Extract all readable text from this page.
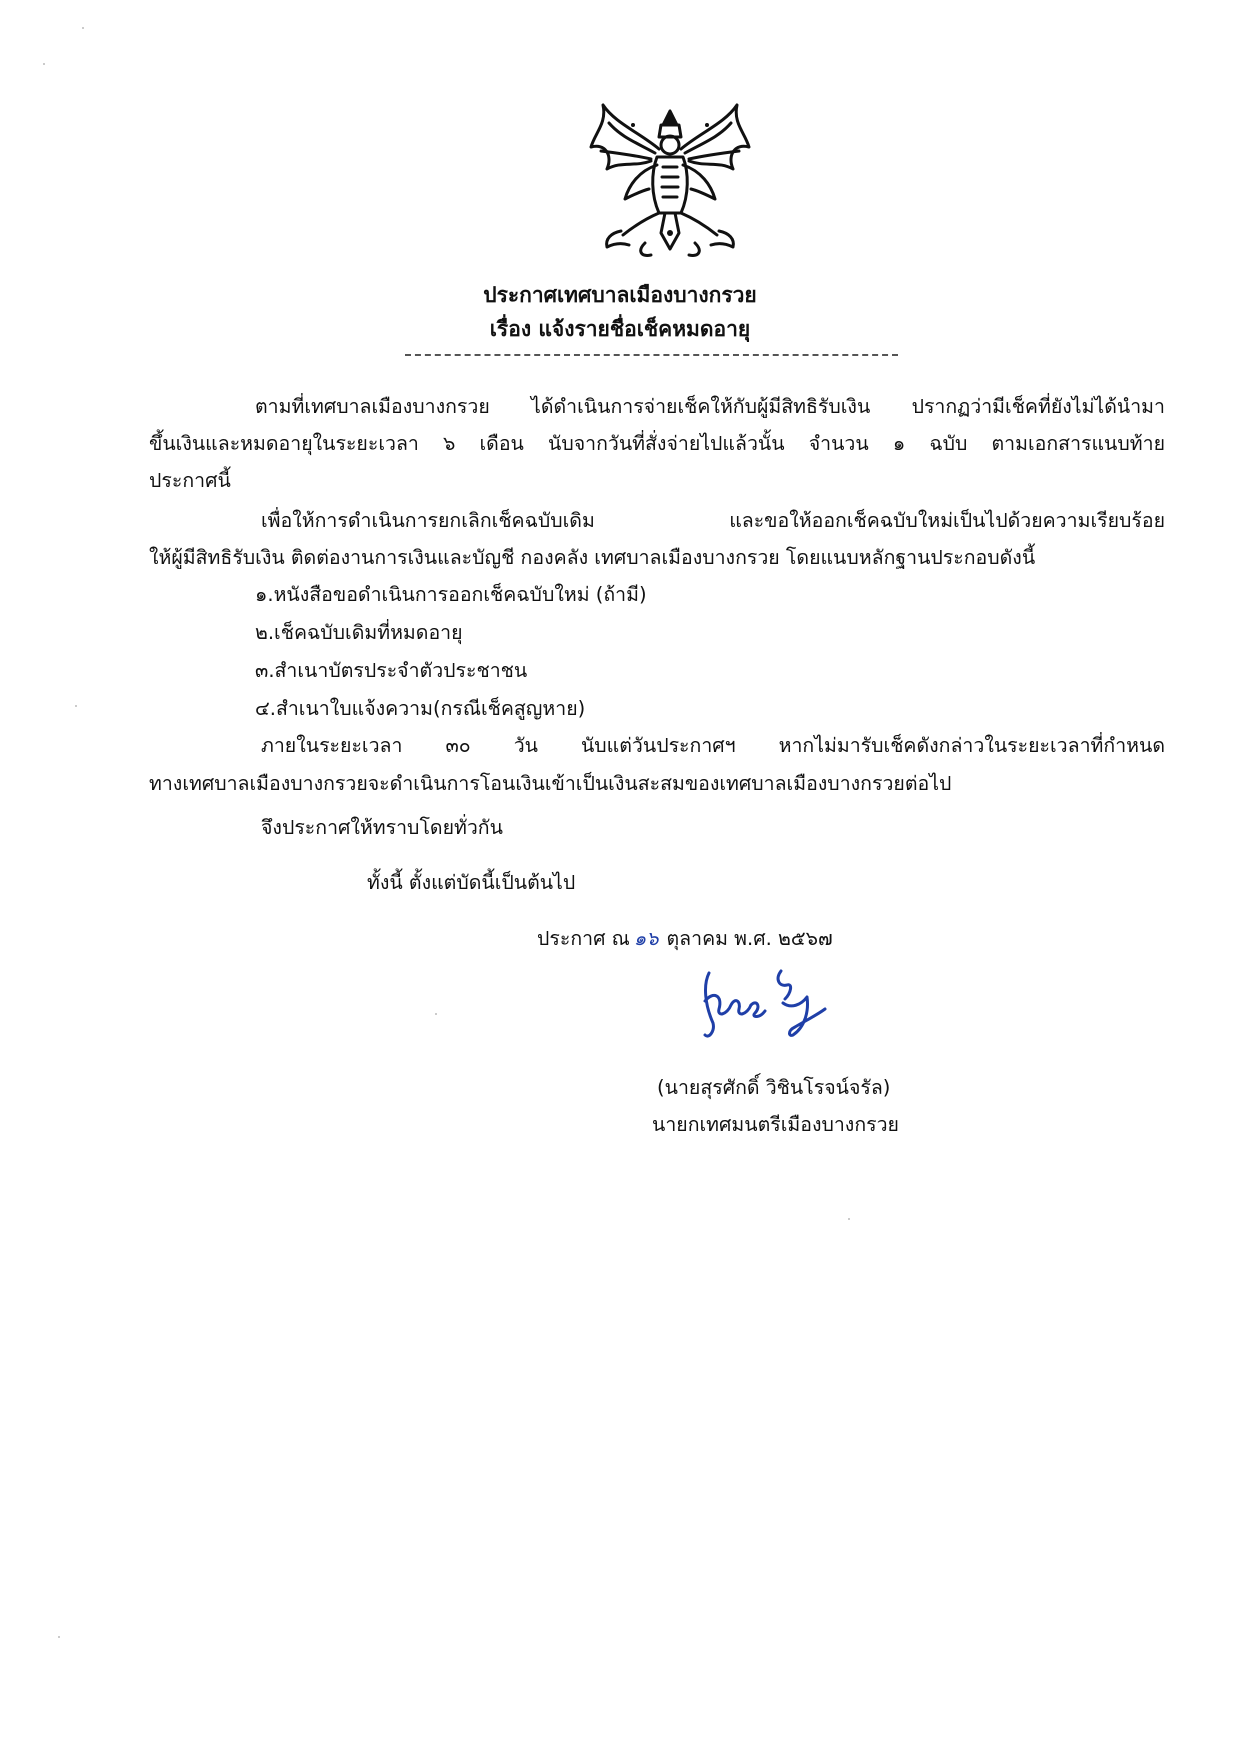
ประกาศเทศบาลเมืองบางกรวย
เรื่อง แจ้งรายชื่อเช็คหมดอายุ
ตามที่เทศบาลเมืองบางกรวย ได้ดำเนินการจ่ายเช็คให้กับผู้มีสิทธิรับเงิน ปรากฏว่ามีเช็คที่ยังไม่ได้นำมา
ขึ้นเงินและหมดอายุในระยะเวลา ๖ เดือน นับจากวันที่สั่งจ่ายไปแล้วนั้น จำนวน ๑ ฉบับ ตามเอกสารแนบท้าย
ประกาศนี้
เพื่อให้การดำเนินการยกเลิกเช็คฉบับเดิม และขอให้ออกเช็คฉบับใหม่เป็นไปด้วยความเรียบร้อย
ให้ผู้มีสิทธิรับเงิน ติดต่องานการเงินและบัญชี กองคลัง เทศบาลเมืองบางกรวย โดยแนบหลักฐานประกอบดังนี้
๑.หนังสือขอดำเนินการออกเช็คฉบับใหม่ (ถ้ามี)
๒.เช็คฉบับเดิมที่หมดอายุ
๓.สำเนาบัตรประจำตัวประชาชน
๔.สำเนาใบแจ้งความ(กรณีเช็คสูญหาย)
ภายในระยะเวลา ๓๐ วัน นับแต่วันประกาศฯ หากไม่มารับเช็คดังกล่าวในระยะเวลาที่กำหนด
ทางเทศบาลเมืองบางกรวยจะดำเนินการโอนเงินเข้าเป็นเงินสะสมของเทศบาลเมืองบางกรวยต่อไป
จึงประกาศให้ทราบโดยทั่วกัน
ทั้งนี้ ตั้งแต่บัดนี้เป็นต้นไป
ประกาศ ณ ๑๖ ตุลาคม พ.ศ. ๒๕๖๗
(นายสุรศักดิ์ วิชินโรจน์จรัล)
นายกเทศมนตรีเมืองบางกรวย
